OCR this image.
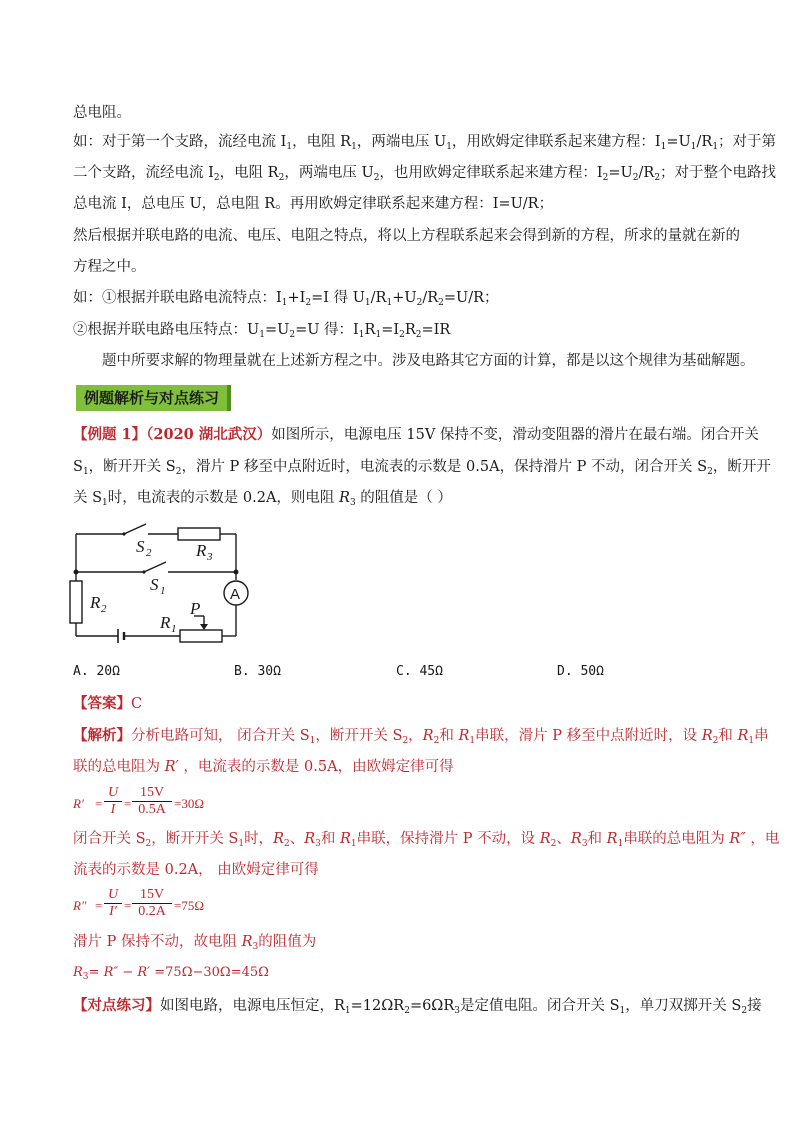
总电阻。
如：对于第一个支路，流经电流 $I_1$，电阻 $R_1$，两端电压 $U_1$，用欧姆定律联系起来建方程：$I_1=U_1/R_1$；对于第
二个支路，流经电流 $I_2$，电阻 $R_2$，两端电压 $U_2$，也用欧姆定律联系起来建方程：$I_2=U_2/R_2$；对于整个电路找
总电流 I，总电压 U，总电阻 R。再用欧姆定律联系起来建方程：I=U/R；
然后根据并联电路的电流、电压、电阻之特点，将以上方程联系起来会得到新的方程，所求的量就在新的
方程之中。
如：①根据并联电路电流特点：$I_1+I_2=I$ 得 $U_1/R_1+U_2/R_2=U/R$；
②根据并联电路电压特点：$U_1=U_2=U$ 得：$I_1R_1=I_2R_2=IR$
题中所要求解的物理量就在上述新方程之中。涉及电路其它方面的计算，都是以这个规律为基础解题。
例题解析与对点练习
【例题 1】（2020 湖北武汉）如图所示，电源电压 15V 保持不变，滑动变阻器的滑片在最右端。闭合开关
$S_1$，断开开关 $S_2$，滑片 P 移至中点附近时，电流表的示数是 0.5A，保持滑片 P 不动，闭合开关 $S_2$，断开开
关 $S_1$时，电流表的示数是 0.2A，则电阻 $R_3$ 的阻值是（ ）
S 2	R 3
S 1
R 2	P
R 1
A
A. 20Ω	B. 30Ω	C. 45Ω	D. 50Ω
【答案】C
【解析】分析电路可知， 闭合开关 $S_1$，断开开关 $S_2$，$R_2$和 $R_1$串联，滑片 P 移至中点附近时，设 $R_2$和 $R_1$串
联的总电阻为 R′ ，电流表的示数是 0.5A，由欧姆定律可得
$R' = \frac{U}{I} = \frac{15V}{0.5A} =30\Omega$
闭合开关 $S_2$，断开开关 $S_1$时，$R_2$、$R_3$和 $R_1$串联，保持滑片 P 不动，设 $R_2$、$R_3$和 $R_1$串联的总电阻为 R″ ，电
流表的示数是 0.2A， 由欧姆定律可得
$R'' = \frac{U}{I'} = \frac{15V}{0.2A} =75\Omega$
滑片 P 保持不动，故电阻 $R_3$的阻值为
$R_3= R'' - R' =75\Omega-30\Omega=45\Omega$
【对点练习】如图电路，电源电压恒定，$R_1=12\Omega R_2=6\Omega R_3$是定值电阻。闭合开关 $S_1$，单刀双掷开关 $S_2$接
